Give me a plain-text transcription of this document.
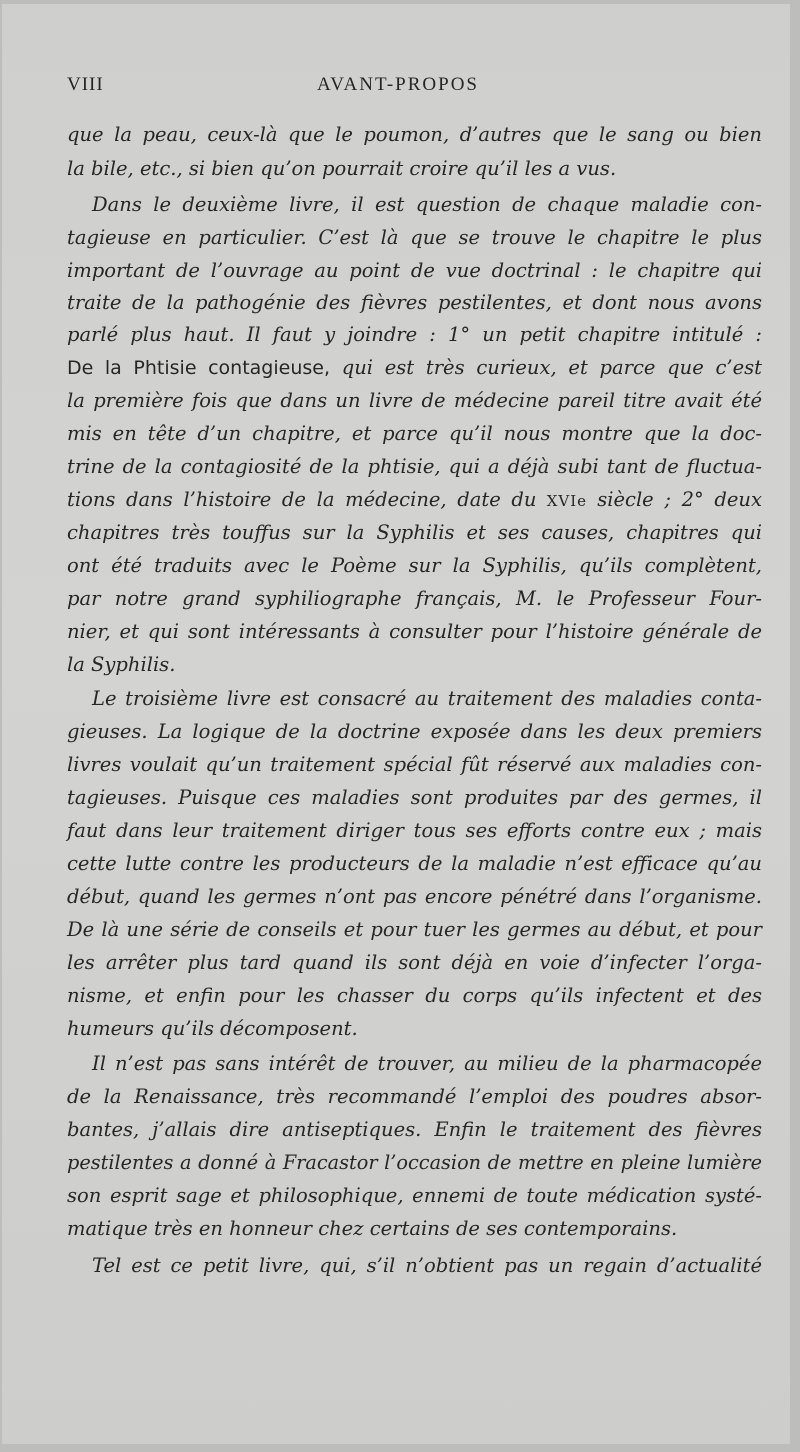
VIII	AVANT-PROPOS
que la peau, ceux-là que le poumon, d’autres que le sang ou bien
la bile, etc., si bien qu’on pourrait croire qu’il les a vus.
Dans le deuxième livre, il est question de chaque maladie con-
tagieuse en particulier. C’est là que se trouve le chapitre le plus
important de l’ouvrage au point de vue doctrinal : le chapitre qui
traite de la pathogénie des fièvres pestilentes, et dont nous avons
parlé plus haut. Il faut y joindre : 1° un petit chapitre intitulé :
De la Phtisie contagieuse, qui est très curieux, et parce que c’est
la première fois que dans un livre de médecine pareil titre avait été
mis en tête d’un chapitre, et parce qu’il nous montre que la doc-
trine de la contagiosité de la phtisie, qui a déjà subi tant de fluctua-
tions dans l’histoire de la médecine, date du XVIe siècle ; 2° deux
chapitres très touffus sur la Syphilis et ses causes, chapitres qui
ont été traduits avec le Poème sur la Syphilis, qu’ils complètent,
par notre grand syphiliographe français, M. le Professeur Four-
nier, et qui sont intéressants à consulter pour l’histoire générale de
la Syphilis.
Le troisième livre est consacré au traitement des maladies conta-
gieuses. La logique de la doctrine exposée dans les deux premiers
livres voulait qu’un traitement spécial fût réservé aux maladies con-
tagieuses. Puisque ces maladies sont produites par des germes, il
faut dans leur traitement diriger tous ses efforts contre eux ; mais
cette lutte contre les producteurs de la maladie n’est efficace qu’au
début, quand les germes n’ont pas encore pénétré dans l’organisme.
De là une série de conseils et pour tuer les germes au début, et pour
les arrêter plus tard quand ils sont déjà en voie d’infecter l’orga-
nisme, et enfin pour les chasser du corps qu’ils infectent et des
humeurs qu’ils décomposent.
Il n’est pas sans intérêt de trouver, au milieu de la pharmacopée
de la Renaissance, très recommandé l’emploi des poudres absor-
bantes, j’allais dire antiseptiques. Enfin le traitement des fièvres
pestilentes a donné à Fracastor l’occasion de mettre en pleine lumière
son esprit sage et philosophique, ennemi de toute médication systé-
matique très en honneur chez certains de ses contemporains.
Tel est ce petit livre, qui, s’il n’obtient pas un regain d’actualité
